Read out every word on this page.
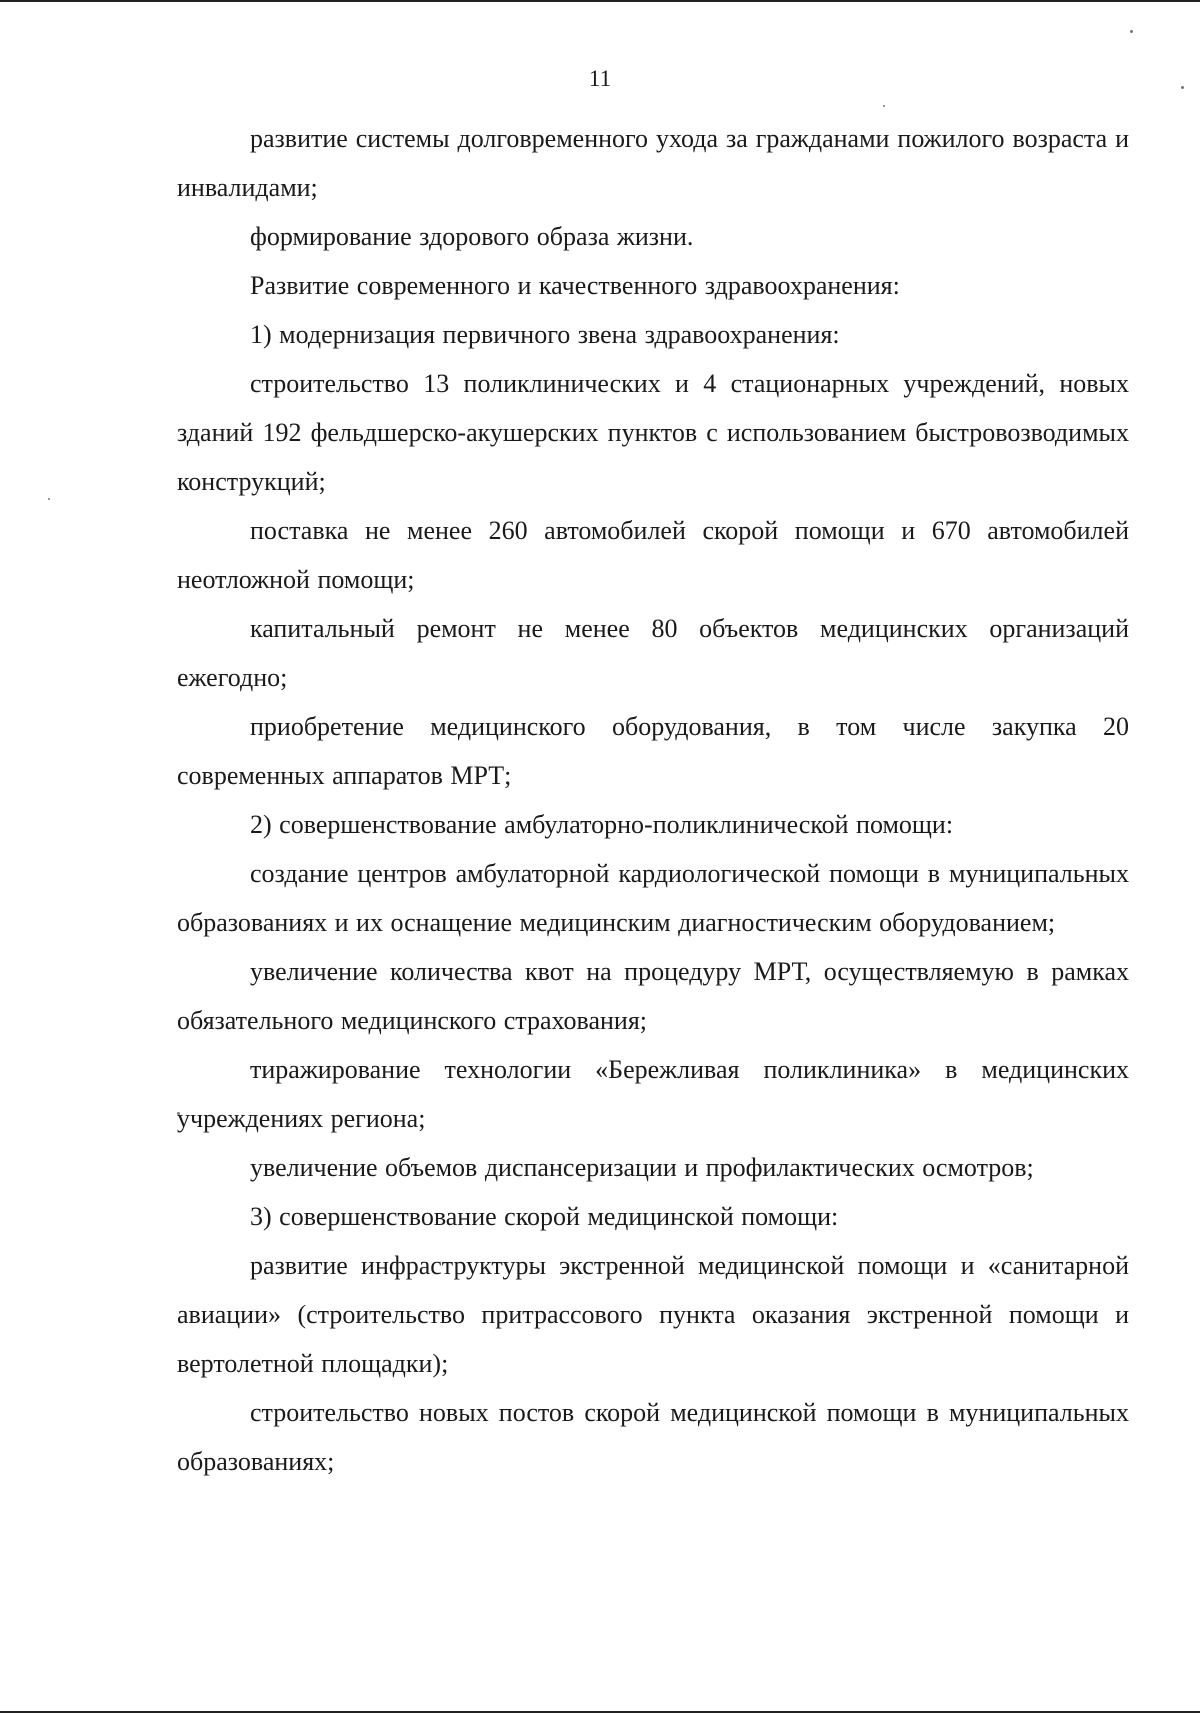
11

развитие системы долговременного ухода за гражданами пожилого возраста и инвалидами;

формирование здорового образа жизни.

Развитие современного и качественного здравоохранения:

1) модернизация первичного звена здравоохранения:

строительство 13 поликлинических и 4 стационарных учреждений, новых зданий 192 фельдшерско-акушерских пунктов с использованием быстровозводимых конструкций;

поставка не менее 260 автомобилей скорой помощи и 670 автомобилей неотложной помощи;

капитальный ремонт не менее 80 объектов медицинских организаций ежегодно;

приобретение медицинского оборудования, в том числе закупка 20 современных аппаратов МРТ;

2) совершенствование амбулаторно-поликлинической помощи:

создание центров амбулаторной кардиологической помощи в муниципальных образованиях и их оснащение медицинским диагностическим оборудованием;

увеличение количества квот на процедуру МРТ, осуществляемую в рамках обязательного медицинского страхования;

тиражирование технологии «Бережливая поликлиника» в медицинских учреждениях региона;

увеличение объемов диспансеризации и профилактических осмотров;

3) совершенствование скорой медицинской помощи:

развитие инфраструктуры экстренной медицинской помощи и «санитарной авиации» (строительство притрассового пункта оказания экстренной помощи и вертолетной площадки);

строительство новых постов скорой медицинской помощи в муниципальных образованиях;
